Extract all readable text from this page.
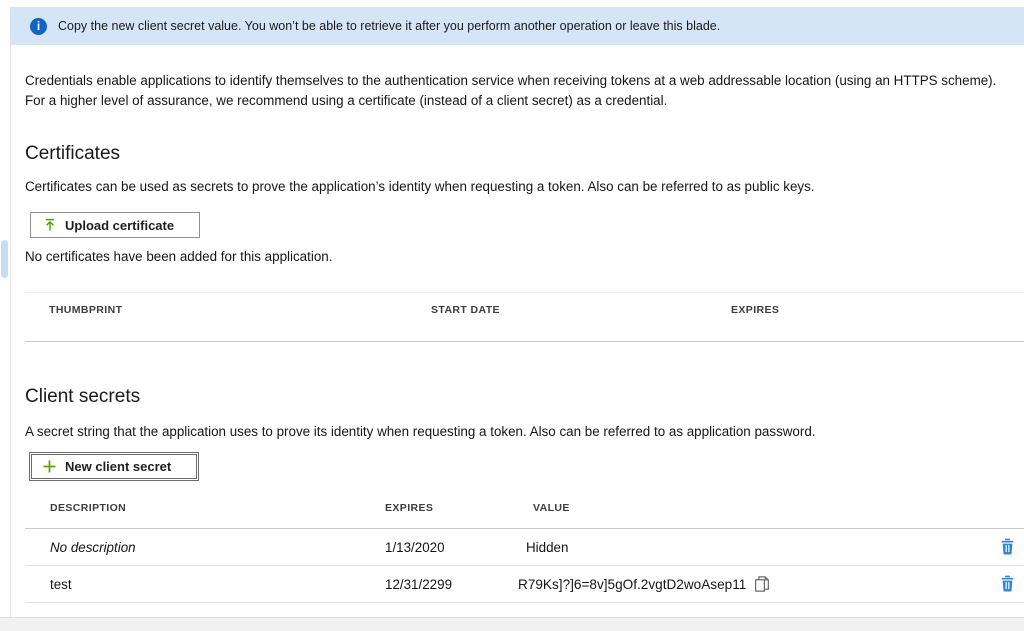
i	Copy the new client secret value. You won’t be able to retrieve it after you perform another operation or leave this blade.

Credentials enable applications to identify themselves to the authentication service when receiving tokens at a web addressable location (using an HTTPS scheme). For a higher level of assurance, we recommend using a certificate (instead of a client secret) as a credential.

Certificates

Certificates can be used as secrets to prove the application’s identity when requesting a token. Also can be referred to as public keys.

Upload certificate

No certificates have been added for this application.

THUMBPRINT	START DATE	EXPIRES
Client secrets

A secret string that the application uses to prove its identity when requesting a token. Also can be referred to as application password.

New client secret
DESCRIPTION	EXPIRES	VALUE
No description	1/13/2020	Hidden
test	12/31/2299	R79Ks]?]6=8v]5gOf.2vgtD2woAsep11
